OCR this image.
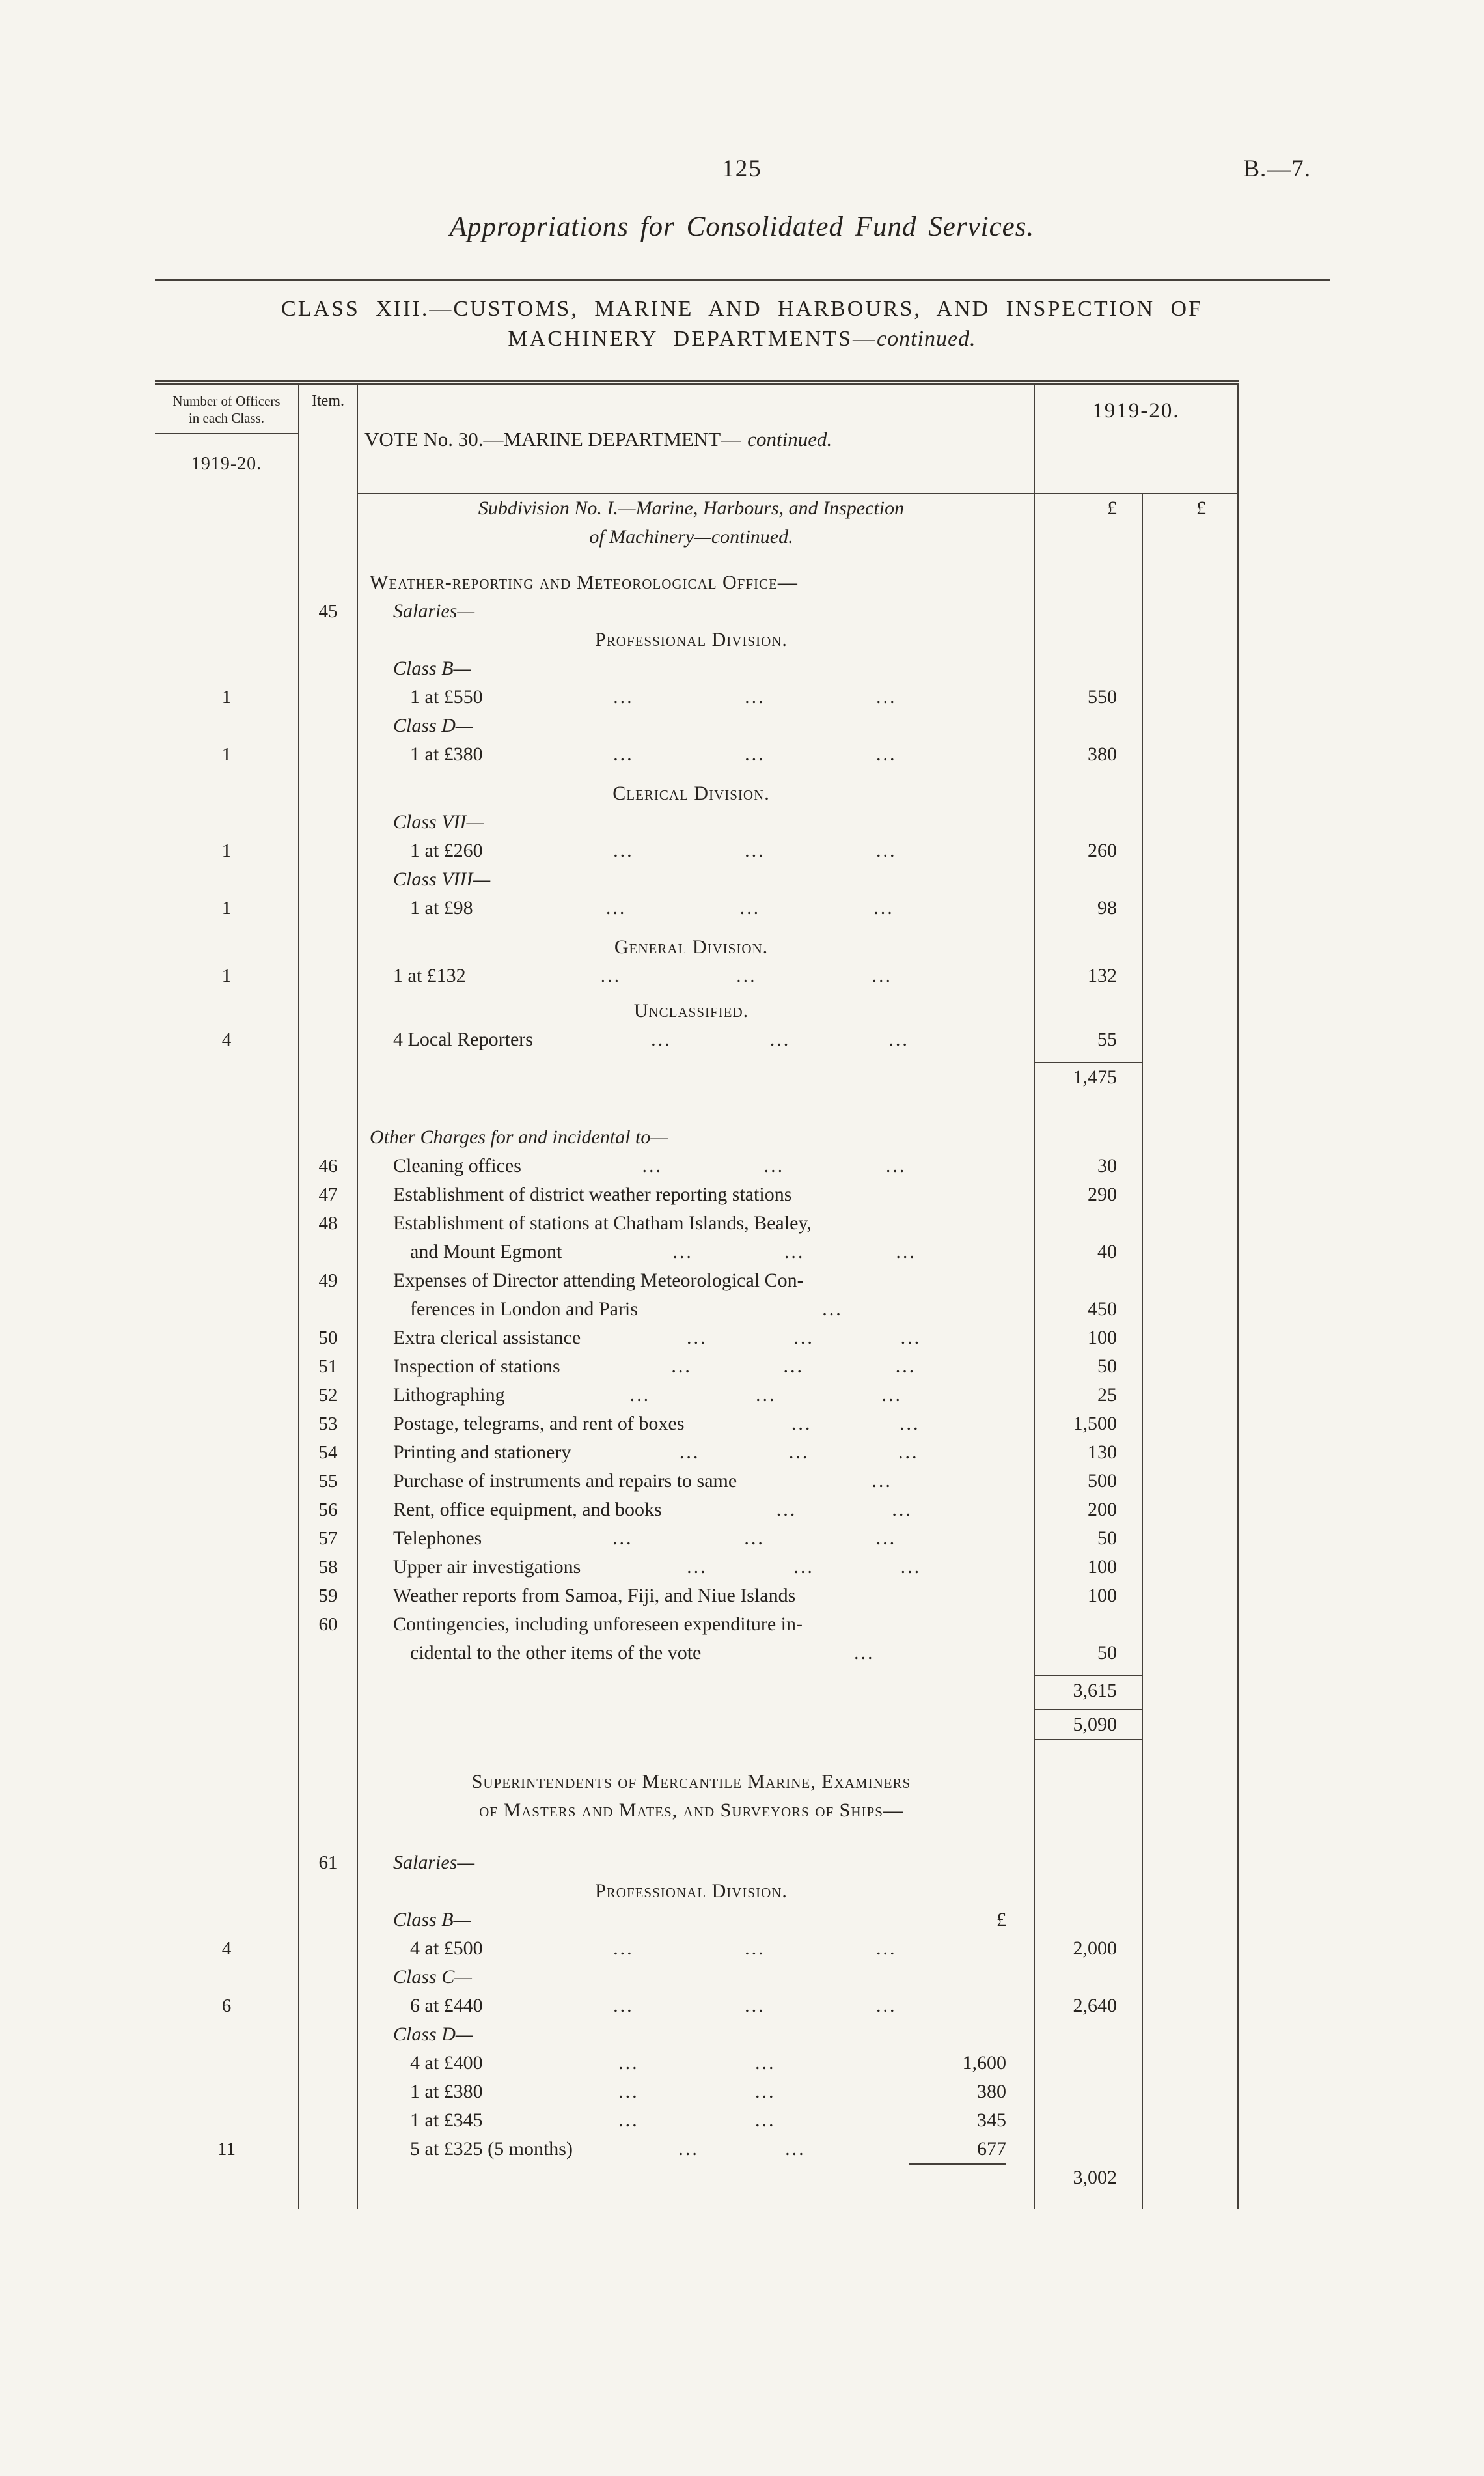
125	B.—7.
Appropriations for Consolidated Fund Services.
CLASS XIII.—CUSTOMS, MARINE AND HARBOURS, AND INSPECTION OF
MACHINERY DEPARTMENTS—continued.
Number of Officers in each Class.
1919-20.
Item.
VOTE No. 30.—MARINE DEPARTMENT— continued.
1919-20.
Subdivision No. I.—Marine, Harbours, and Inspection	£	£
of Machinery—continued.
Weather-reporting and Meteorological Office—
45	Salaries—
Professional Division.
Class B—
1	1 at £550	...	...	...	550
Class D—
1	1 at £380	...	...	...	380
Clerical Division.
Class VII—
1	1 at £260	...	...	...	260
Class VIII—
1	1 at £98	...	...	...	98
General Division.
1	1 at £132	...	...	...	132
Unclassified.
4	4 Local Reporters	...	...	...	55
1,475
Other Charges for and incidental to—
46	Cleaning offices	...	...	...	30
47	Establishment of district weather reporting stations	290
48	Establishment of stations at Chatham Islands, Bealey,
and Mount Egmont	...	...	...	40
49	Expenses of Director attending Meteorological Con-
ferences in London and Paris	...	450
50	Extra clerical assistance	...	...	...	100
51	Inspection of stations	...	...	...	50
52	Lithographing	...	...	...	25
53	Postage, telegrams, and rent of boxes	...	...	1,500
54	Printing and stationery	...	...	...	130
55	Purchase of instruments and repairs to same	...	500
56	Rent, office equipment, and books	...	...	200
57	Telephones	...	...	...	50
58	Upper air investigations	...	...	...	100
59	Weather reports from Samoa, Fiji, and Niue Islands	100
60	Contingencies, including unforeseen expenditure in-
cidental to the other items of the vote	...	50
3,615
5,090
Superintendents of Mercantile Marine, Examiners
of Masters and Mates, and Surveyors of Ships—
61	Salaries—
Professional Division.
Class B—	£
4	4 at £500	...	...	...	2,000
Class C—
6	6 at £440	...	...	...	2,640
Class D—
4 at £400	...	...	1,600
1 at £380	...	...	380
1 at £345	...	...	345
11	5 at £325 (5 months)	...	...	677
3,002
